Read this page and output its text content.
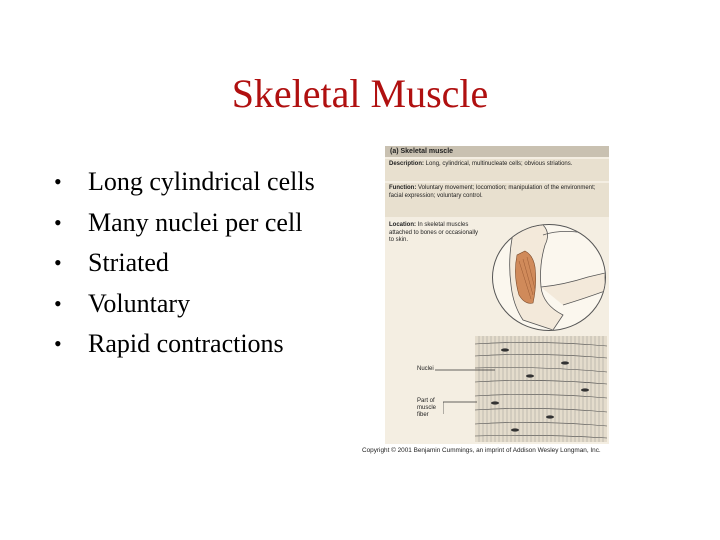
Skeletal Muscle
• Long cylindrical cells
• Many nuclei per cell
• Striated
• Voluntary
• Rapid contractions
(a) Skeletal muscle
Description: Long, cylindrical, multinucleate cells; obvious striations.
Function: Voluntary movement; locomotion; manipulation of the environment; facial expression; voluntary control.
Location: In skeletal muscles attached to bones or occasionally to skin.
Nuclei
Part of
muscle
fiber
Copyright © 2001 Benjamin Cummings, an imprint of Addison Wesley Longman, Inc.
